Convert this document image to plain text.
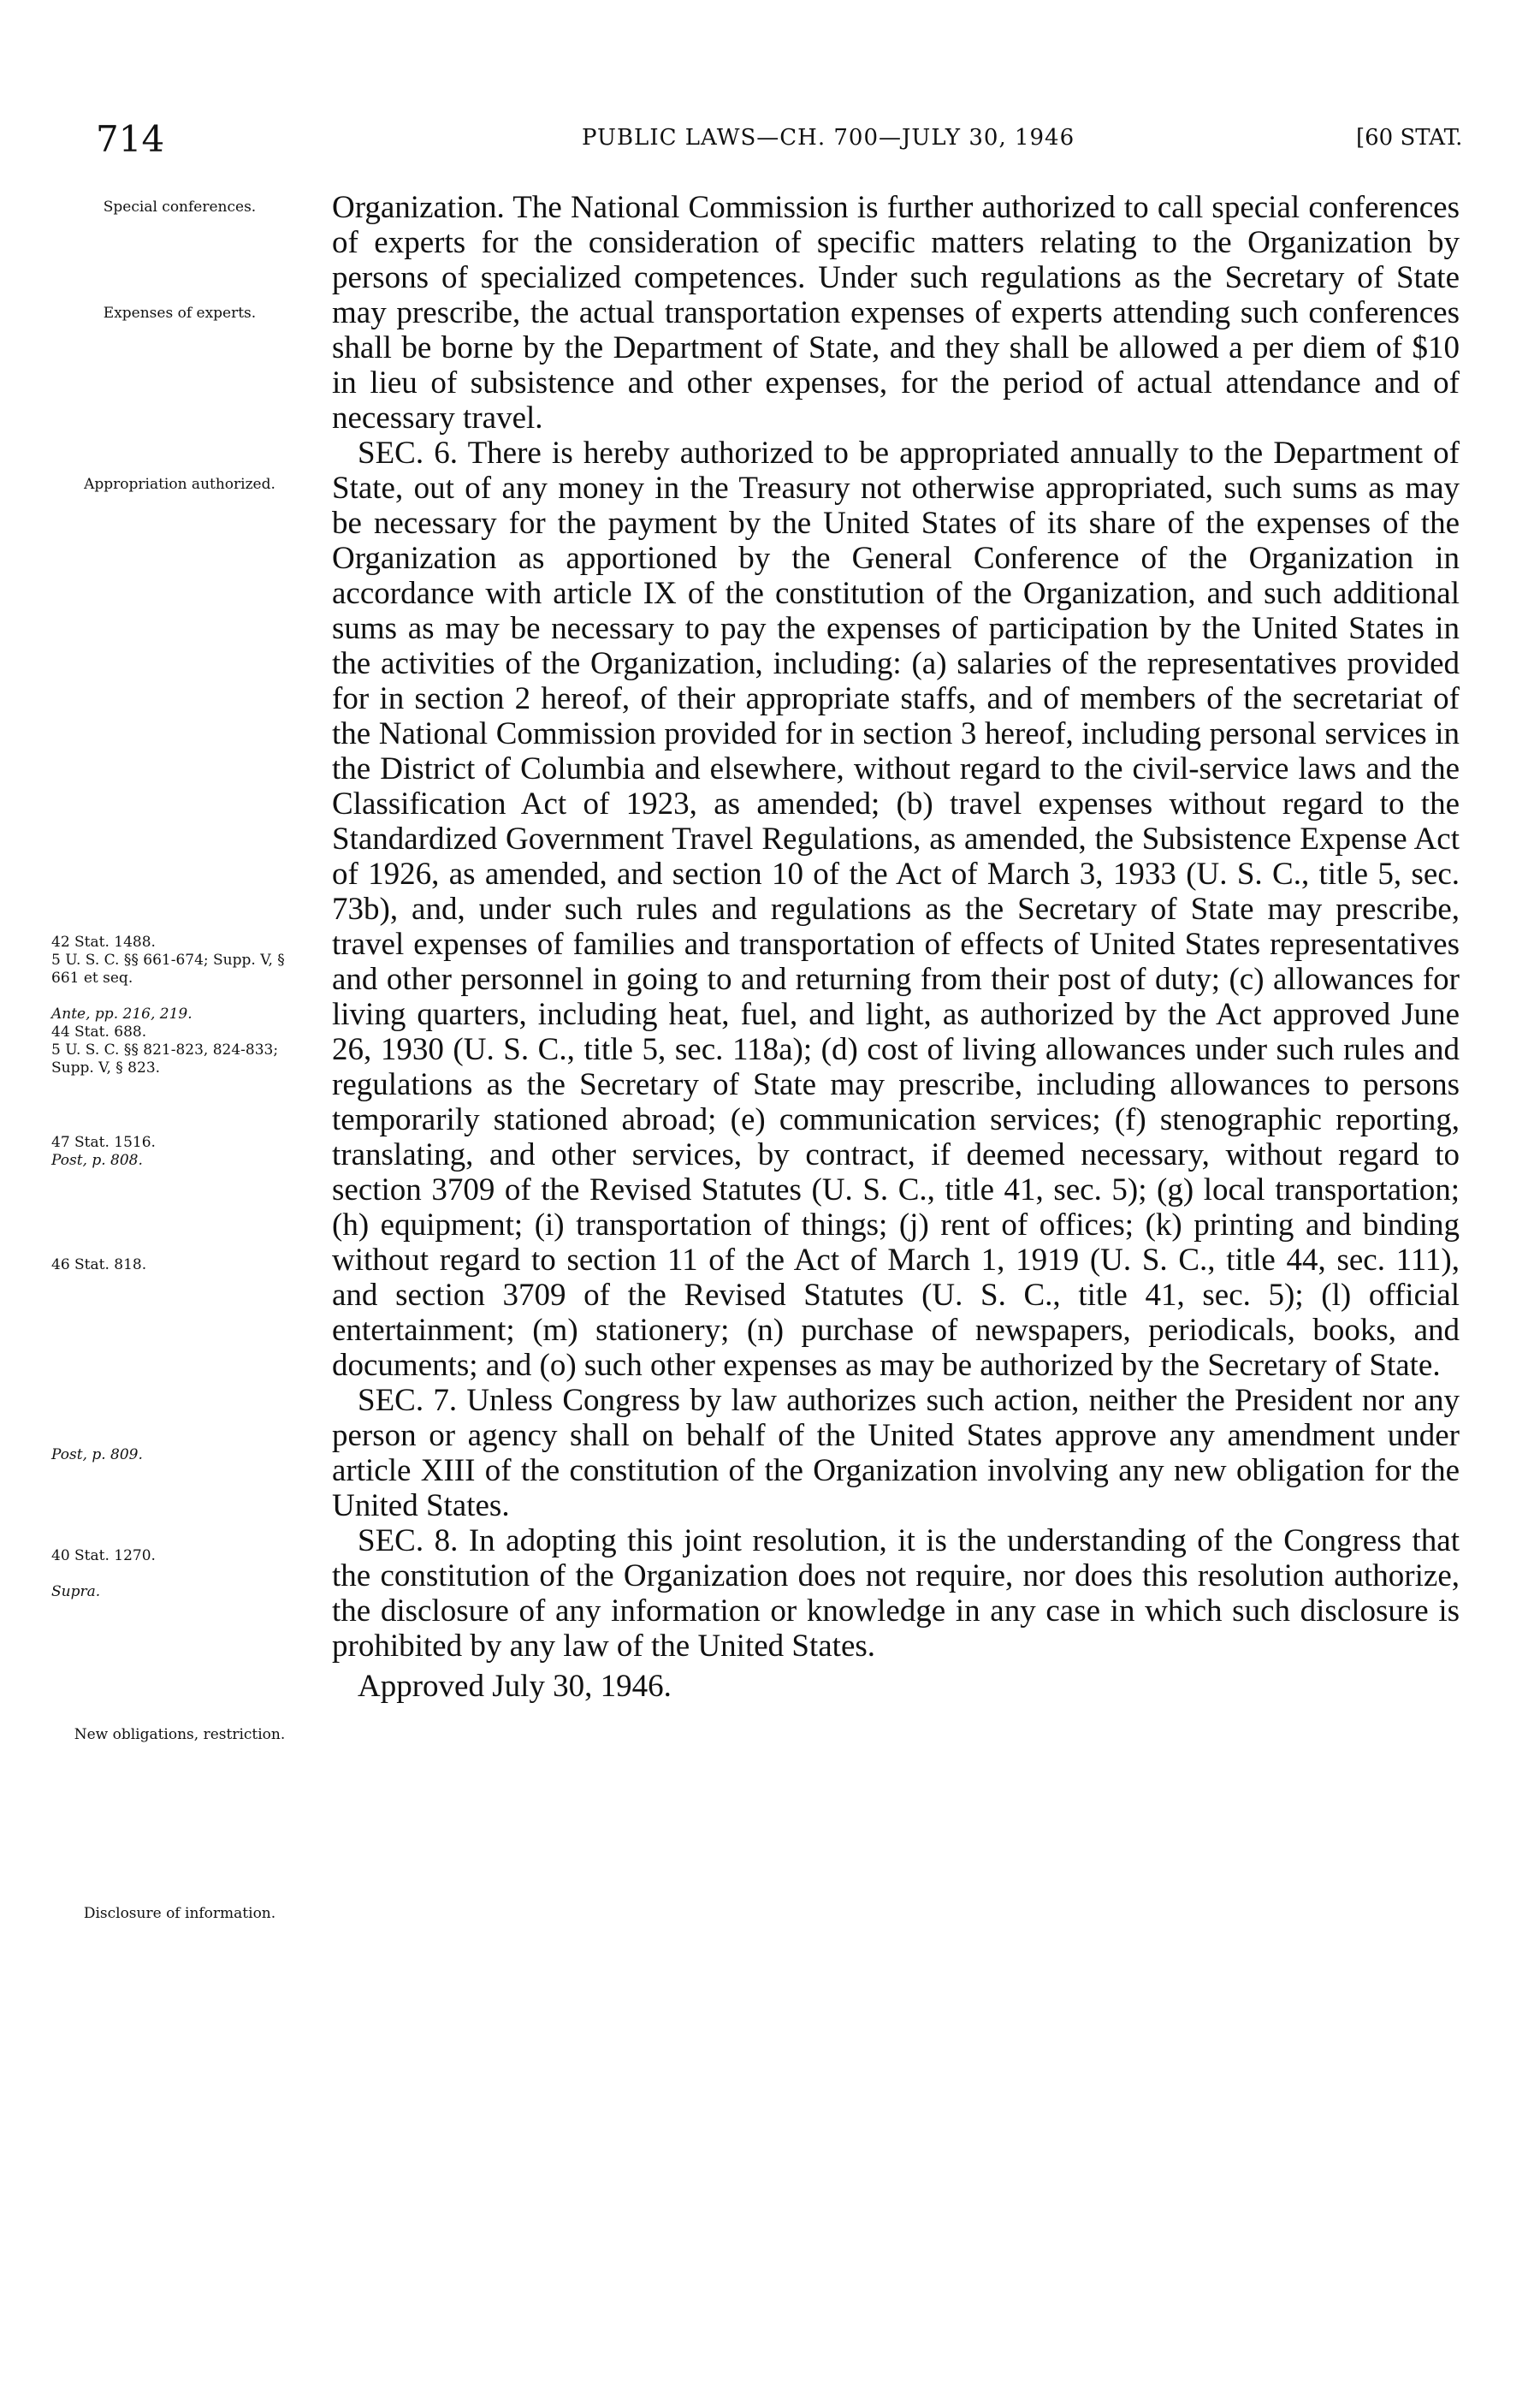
714	PUBLIC LAWS—CH. 700—JULY 30, 1946	[60 STAT.
Special conferences.
Expenses of experts.
Appropriation authorized.
42 Stat. 1488.
5 U. S. C. §§ 661-674; Supp. V, § 661 et seq.
Ante, pp. 216, 219.
44 Stat. 688.
5 U. S. C. §§ 821-823, 824-833; Supp. V, § 823.
47 Stat. 1516.
Post, p. 808.
46 Stat. 818.
Post, p. 809.
40 Stat. 1270.
Supra.
New obligations, restriction.
Disclosure of information.

Organization. The National Commission is further authorized to call special conferences of experts for the consideration of specific matters relating to the Organization by persons of specialized competences. Under such regulations as the Secretary of State may prescribe, the actual transportation expenses of experts attending such conferences shall be borne by the Department of State, and they shall be allowed a per diem of $10 in lieu of subsistence and other expenses, for the period of actual attendance and of necessary travel.

SEC. 6. There is hereby authorized to be appropriated annually to the Department of State, out of any money in the Treasury not otherwise appropriated, such sums as may be necessary for the payment by the United States of its share of the expenses of the Organization as apportioned by the General Conference of the Organization in accordance with article IX of the constitution of the Organization, and such additional sums as may be necessary to pay the expenses of participation by the United States in the activities of the Organization, including: (a) salaries of the representatives provided for in section 2 hereof, of their appropriate staffs, and of members of the secretariat of the National Commission provided for in section 3 hereof, including personal services in the District of Columbia and elsewhere, without regard to the civil-service laws and the Classification Act of 1923, as amended; (b) travel expenses without regard to the Standardized Government Travel Regulations, as amended, the Subsistence Expense Act of 1926, as amended, and section 10 of the Act of March 3, 1933 (U. S. C., title 5, sec. 73b), and, under such rules and regulations as the Secretary of State may prescribe, travel expenses of families and transportation of effects of United States representatives and other personnel in going to and returning from their post of duty; (c) allowances for living quarters, including heat, fuel, and light, as authorized by the Act approved June 26, 1930 (U. S. C., title 5, sec. 118a); (d) cost of living allowances under such rules and regulations as the Secretary of State may prescribe, including allowances to persons temporarily stationed abroad; (e) communication services; (f) stenographic reporting, translating, and other services, by contract, if deemed necessary, without regard to section 3709 of the Revised Statutes (U. S. C., title 41, sec. 5); (g) local transportation; (h) equipment; (i) transportation of things; (j) rent of offices; (k) printing and binding without regard to section 11 of the Act of March 1, 1919 (U. S. C., title 44, sec. 111), and section 3709 of the Revised Statutes (U. S. C., title 41, sec. 5); (l) official entertainment; (m) stationery; (n) purchase of newspapers, periodicals, books, and documents; and (o) such other expenses as may be authorized by the Secretary of State.

SEC. 7. Unless Congress by law authorizes such action, neither the President nor any person or agency shall on behalf of the United States approve any amendment under article XIII of the constitution of the Organization involving any new obligation for the United States.

SEC. 8. In adopting this joint resolution, it is the understanding of the Congress that the constitution of the Organization does not require, nor does this resolution authorize, the disclosure of any information or knowledge in any case in which such disclosure is prohibited by any law of the United States.

Approved July 30, 1946.
